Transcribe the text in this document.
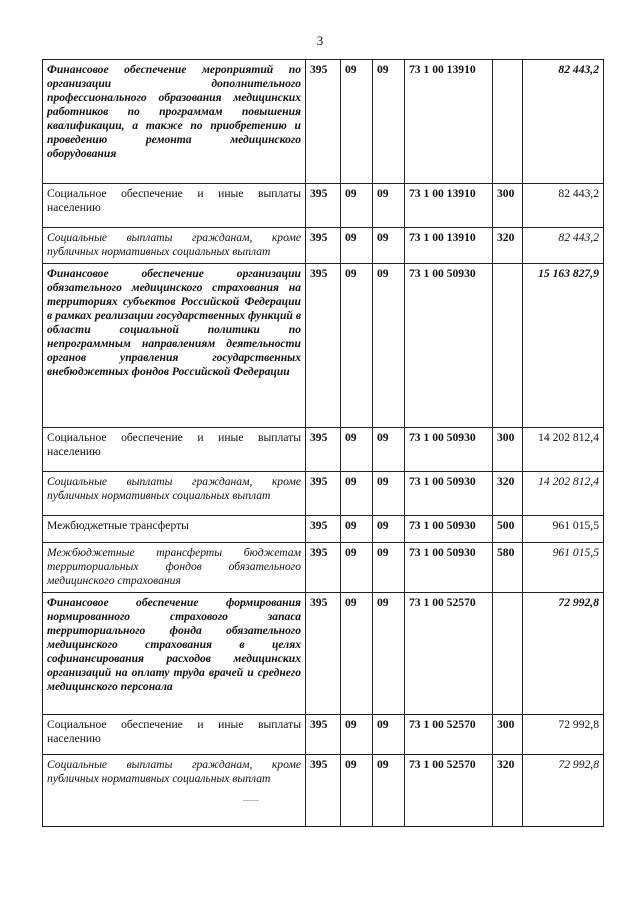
3
Финансовое обеспечение мероприятий по организации дополнительного профессионального образования медицинских работников по программам повышения квалификации, а также по приобретению и проведению ремонта медицинского оборудования	395	09	09	73 1 00 13910		82 443,2
Социальное обеспечение и иные выплаты населению	395	09	09	73 1 00 13910	300	82 443,2
Социальные выплаты гражданам, кроме публичных нормативных социальных выплат	395	09	09	73 1 00 13910	320	82 443,2
Финансовое обеспечение организации обязательного медицинского страхования на территориях субъектов Российской Федерации в рамках реализации государственных функций в области социальной политики по непрограммным направлениям деятельности органов управления государственных внебюджетных фондов Российской Федерации	395	09	09	73 1 00 50930		15 163 827,9
Социальное обеспечение и иные выплаты населению	395	09	09	73 1 00 50930	300	14 202 812,4
Социальные выплаты гражданам, кроме публичных нормативных социальных выплат	395	09	09	73 1 00 50930	320	14 202 812,4
Межбюджетные трансферты	395	09	09	73 1 00 50930	500	961 015,5
Межбюджетные трансферты бюджетам территориальных фондов обязательного медицинского страхования	395	09	09	73 1 00 50930	580	961 015,5
Финансовое обеспечение формирования нормированного страхового запаса территориального фонда обязательного медицинского страхования в целях софинансирования расходов медицинских организаций на оплату труда врачей и среднего медицинского персонала	395	09	09	73 1 00 52570		72 992,8
Социальное обеспечение и иные выплаты населению	395	09	09	73 1 00 52570	300	72 992,8
Социальные выплаты гражданам, кроме публичных нормативных социальных выплат	395	09	09	73 1 00 52570	320	72 992,8
